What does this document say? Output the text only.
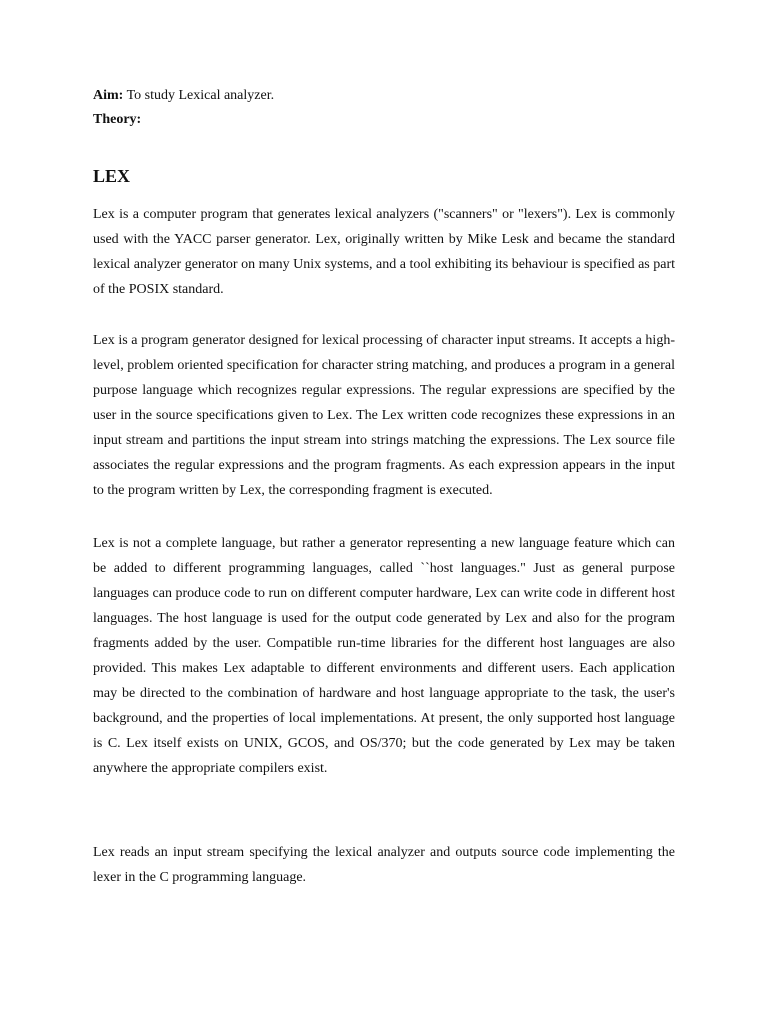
Aim: To study Lexical analyzer.

Theory:

LEX

Lex is a computer program that generates lexical analyzers ("scanners" or "lexers"). Lex is commonly used with the YACC parser generator. Lex, originally written by Mike Lesk and became the standard lexical analyzer generator on many Unix systems, and a tool exhibiting its behaviour is specified as part of the POSIX standard.

Lex is a program generator designed for lexical processing of character input streams. It accepts a high-level, problem oriented specification for character string matching, and produces a program in a general purpose language which recognizes regular expressions. The regular expressions are specified by the user in the source specifications given to Lex. The Lex written code recognizes these expressions in an input stream and partitions the input stream into strings matching the expressions. The Lex source file associates the regular expressions and the program fragments. As each expression appears in the input to the program written by Lex, the corresponding fragment is executed.

Lex is not a complete language, but rather a generator representing a new language feature which can be added to different programming languages, called ``host languages." Just as general purpose languages can produce code to run on different computer hardware, Lex can write code in different host languages. The host language is used for the output code generated by Lex and also for the program fragments added by the user. Compatible run-time libraries for the different host languages are also provided. This makes Lex adaptable to different environments and different users. Each application may be directed to the combination of hardware and host language appropriate to the task, the user's background, and the properties of local implementations. At present, the only supported host language is C. Lex itself exists on UNIX, GCOS, and OS/370; but the code generated by Lex may be taken anywhere the appropriate compilers exist.

Lex reads an input stream specifying the lexical analyzer and outputs source code implementing the lexer in the C programming language.
